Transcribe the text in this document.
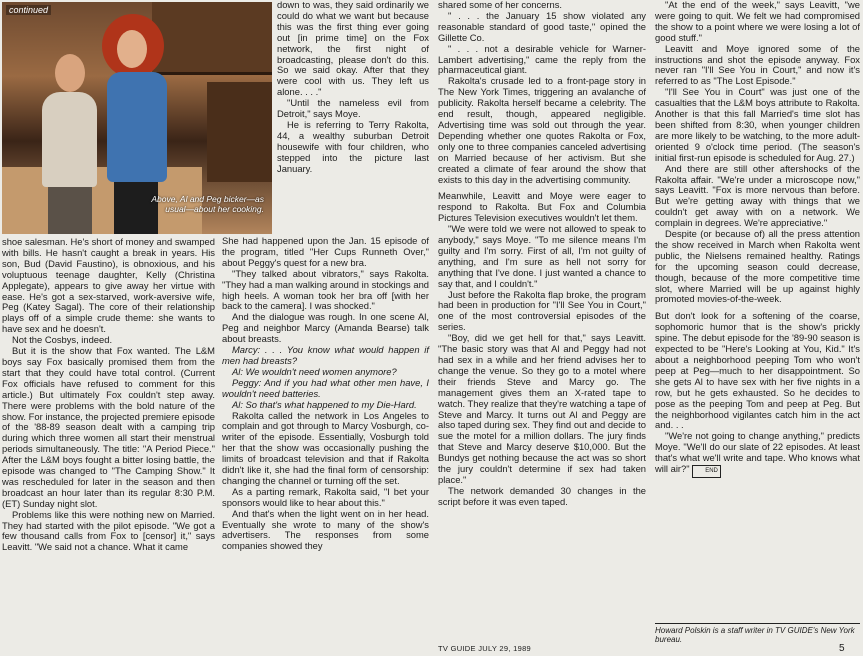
continued
Above, Al and Peg bicker—as usual—about her cooking.

shoe salesman. He's short of money and swamped with bills. He hasn't caught a break in years. His son, Bud (David Faustino), is obnoxious, and his voluptuous teenage daughter, Kelly (Christina Applegate), appears to give away her virtue with ease. He's got a sex-starved, work-aversive wife, Peg (Katey Sagal). The core of their relationship plays off of a simple crude theme: she wants to have sex and he doesn't.

Not the Cosbys, indeed.

But it is the show that Fox wanted. The L&M boys say Fox basically promised them from the start that they could have total control. (Current Fox officials have refused to comment for this article.) But ultimately Fox couldn't step away. There were problems with the bold nature of the show. For instance, the projected premiere episode of the '88-89 season dealt with a camping trip during which three women all start their menstrual periods simultaneously. The title: "A Period Piece." After the L&M boys fought a bitter losing battle, the episode was changed to "The Camping Show." It was rescheduled for later in the season and then broadcast an hour later than its regular 8:30 P.M. (ET) Sunday night slot.

Problems like this were nothing new on Married. They had started with the pilot episode. "We got a few thousand calls from Fox to [censor] it," says Leavitt. "We said not a chance. What it came

down to was, they said ordinarily we could do what we want but because this was the first thing ever going out [in prime time] on the Fox network, the first night of broadcasting, please don't do this. So we said okay. After that they were cool with us. They left us alone. . . ."

"Until the nameless evil from Detroit," says Moye.

He is referring to Terry Rakolta, 44, a wealthy suburban Detroit housewife with four children, who stepped into the picture last January.

She had happened upon the Jan. 15 episode of the program, titled "Her Cups Runneth Over," about Peggy's quest for a new bra.

"They talked about vibrators," says Rakolta. "They had a man walking around in stockings and high heels. A woman took her bra off [with her back to the camera]. I was shocked."

And the dialogue was rough. In one scene Al, Peg and neighbor Marcy (Amanda Bearse) talk about breasts.

Marcy: . . . You know what would happen if men had breasts?

Al: We wouldn't need women anymore?

Peggy: And if you had what other men have, I wouldn't need batteries.

Al: So that's what happened to my Die-Hard.

Rakolta called the network in Los Angeles to complain and got through to Marcy Vosburgh, co-writer of the episode. Essentially, Vosburgh told her that the show was occasionally pushing the limits of broadcast television and that if Rakolta didn't like it, she had the final form of censorship: changing the channel or turning off the set.

As a parting remark, Rakolta said, "I bet your sponsors would like to hear about this."

And that's when the light went on in her head. Eventually she wrote to many of the show's advertisers. The responses from some companies showed they

shared some of her concerns.

" . . . the January 15 show violated any reasonable standard of good taste," opined the Gillette Co.

" . . . not a desirable vehicle for Warner-Lambert advertising," came the reply from the pharmaceutical giant.

Rakolta's crusade led to a front-page story in The New York Times, triggering an avalanche of publicity. Rakolta herself became a celebrity. The end result, though, appeared negligible. Advertising time was sold out through the year. Depending whether one quotes Rakolta or Fox, only one to three companies canceled advertising on Married because of her activism. But she created a climate of fear around the show that exists to this day in the advertising community.

Meanwhile, Leavitt and Moye were eager to respond to Rakolta. But Fox and Columbia Pictures Television executives wouldn't let them.

"We were told we were not allowed to speak to anybody," says Moye. "To me silence means I'm guilty and I'm sorry. First of all, I'm not guilty of anything, and I'm sure as hell not sorry for anything that I've done. I just wanted a chance to say that, and I couldn't."

Just before the Rakolta flap broke, the program had been in production for "I'll See You in Court," one of the most controversial episodes of the series.

"Boy, did we get hell for that," says Leavitt. "The basic story was that Al and Peggy had not had sex in a while and her friend advises her to change the venue. So they go to a motel where their friends Steve and Marcy go. The management gives them an X-rated tape to watch. They realize that they're watching a tape of Steve and Marcy. It turns out Al and Peggy are also taped during sex. They find out and decide to sue the motel for a million dollars. The jury finds that Steve and Marcy deserve $10,000. But the Bundys get nothing because the act was so short the jury couldn't determine if sex had taken place."

The network demanded 30 changes in the script before it was even taped.

"At the end of the week," says Leavitt, "we were going to quit. We felt we had compromised the show to a point where we were losing a lot of good stuff."

Leavitt and Moye ignored some of the instructions and shot the episode anyway. Fox never ran "I'll See You in Court," and now it's referred to as "The Lost Episode."

"I'll See You in Court" was just one of the casualties that the L&M boys attribute to Rakolta. Another is that this fall Married's time slot has been shifted from 8:30, when younger children are more likely to be watching, to the more adult-oriented 9 o'clock time period. (The season's initial first-run episode is scheduled for Aug. 27.)

And there are still other aftershocks of the Rakolta affair. "We're under a microscope now," says Leavitt. "Fox is more nervous than before. But we're getting away with things that we couldn't get away with on a network. We complain in degrees. We're appreciative."

Despite (or because of) all the press attention the show received in March when Rakolta went public, the Nielsens remained healthy. Ratings for the upcoming season could decrease, though, because of the more competitive time slot, where Married will be up against highly promoted movies-of-the-week.

But don't look for a softening of the coarse, sophomoric humor that is the show's prickly spine. The debut episode for the '89-90 season is expected to be "Here's Looking at You, Kid." It's about a neighborhood peeping Tom who won't peep at Peg—much to her disappointment. So she gets Al to have sex with her five nights in a row, but he gets exhausted. So he decides to pose as the peeping Tom and peep at Peg. But the neighborhood vigilantes catch him in the act and. . .

"We're not going to change anything," predicts Moye. "We'll do our slate of 22 episodes. At least that's what we'll write and tape. Who knows what will air?"	END

Howard Polskin is a staff writer in TV GUIDE's New York bureau.
TV GUIDE JULY 29, 1989	5
